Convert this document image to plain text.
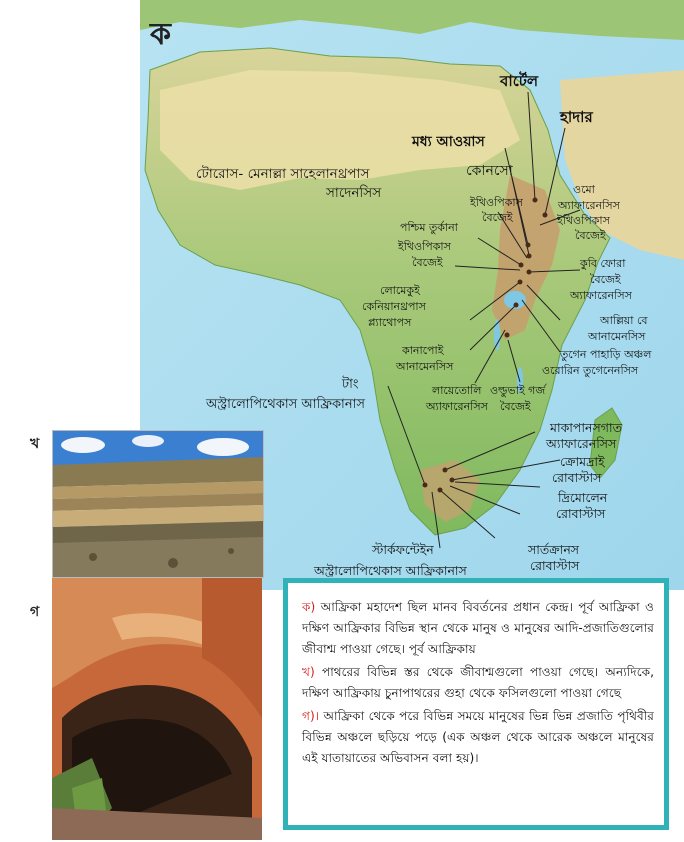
বার্টেল
হাদার
মধ্য আওয়াস
কোনসো
টোরোস- মেনাল্লা সাহেলানথ্রপাস
সাদেনসিস	ওমো
অ্যাফারেনসিস
ইথিওপিকাস
বৈজেই
ইথিওপিকাস
বৈজেই
পশ্চিম তুর্কানা
ইথিওপিকাস
বৈজেই	কুবি ফোরা
বৈজেই
অ্যাফারেনসিস
লোমেকুই
কেনিয়ানথ্রপাস
প্ল্যাথোপস	আল্লিয়া বে
আনামেনসিস
কানাপোই
আনামেনসিস
তুগেন পাহাড়ি অঞ্চল
ওরোরিন তুগেনেনসিস
টাং
অস্ট্রালোপিথেকাস আফ্রিকানাস
লায়েতোলি
অ্যাফারেনসিস
ওল্ডুভাই গর্জ
বৈজেই
মাকাপানসগাত
অ্যাফারেনসিস
ক্রোমদ্রাই
রোবাস্টাস
দ্রিমোলেন
রোবাস্টাস
স্টার্কফন্টেইন	সার্তক্রানস
রোবাস্টাস
অস্ট্রালোপিথেকাস আফ্রিকানাস
ক
খ
গ	ক) আফ্রিকা মহাদেশ ছিল মানব বিবর্তনের প্রধান কেন্দ্র। পূর্ব আফ্রিকা ও দক্ষিণ আফ্রিকার বিভিন্ন স্থান থেকে মানুষ ও মানুষের আদি-প্রজাতিগুলোর জীবাশ্ম পাওয়া গেছে। পূর্ব আফ্রিকায়

খ) পাথরের বিভিন্ন স্তর থেকে জীবাশ্মগুলো পাওয়া গেছে। অন্যদিকে, দক্ষিণ আফ্রিকায় চুনাপাথরের গুহা থেকে ফসিলগুলো পাওয়া গেছে

গ)। আফ্রিকা থেকে পরে বিভিন্ন সময়ে মানুষের ভিন্ন ভিন্ন প্রজাতি পৃথিবীর বিভিন্ন অঞ্চলে ছড়িয়ে পড়ে (এক অঞ্চল থেকে আরেক অঞ্চলে মানুষের এই যাতায়াতের অভিবাসন বলা হয়)।
